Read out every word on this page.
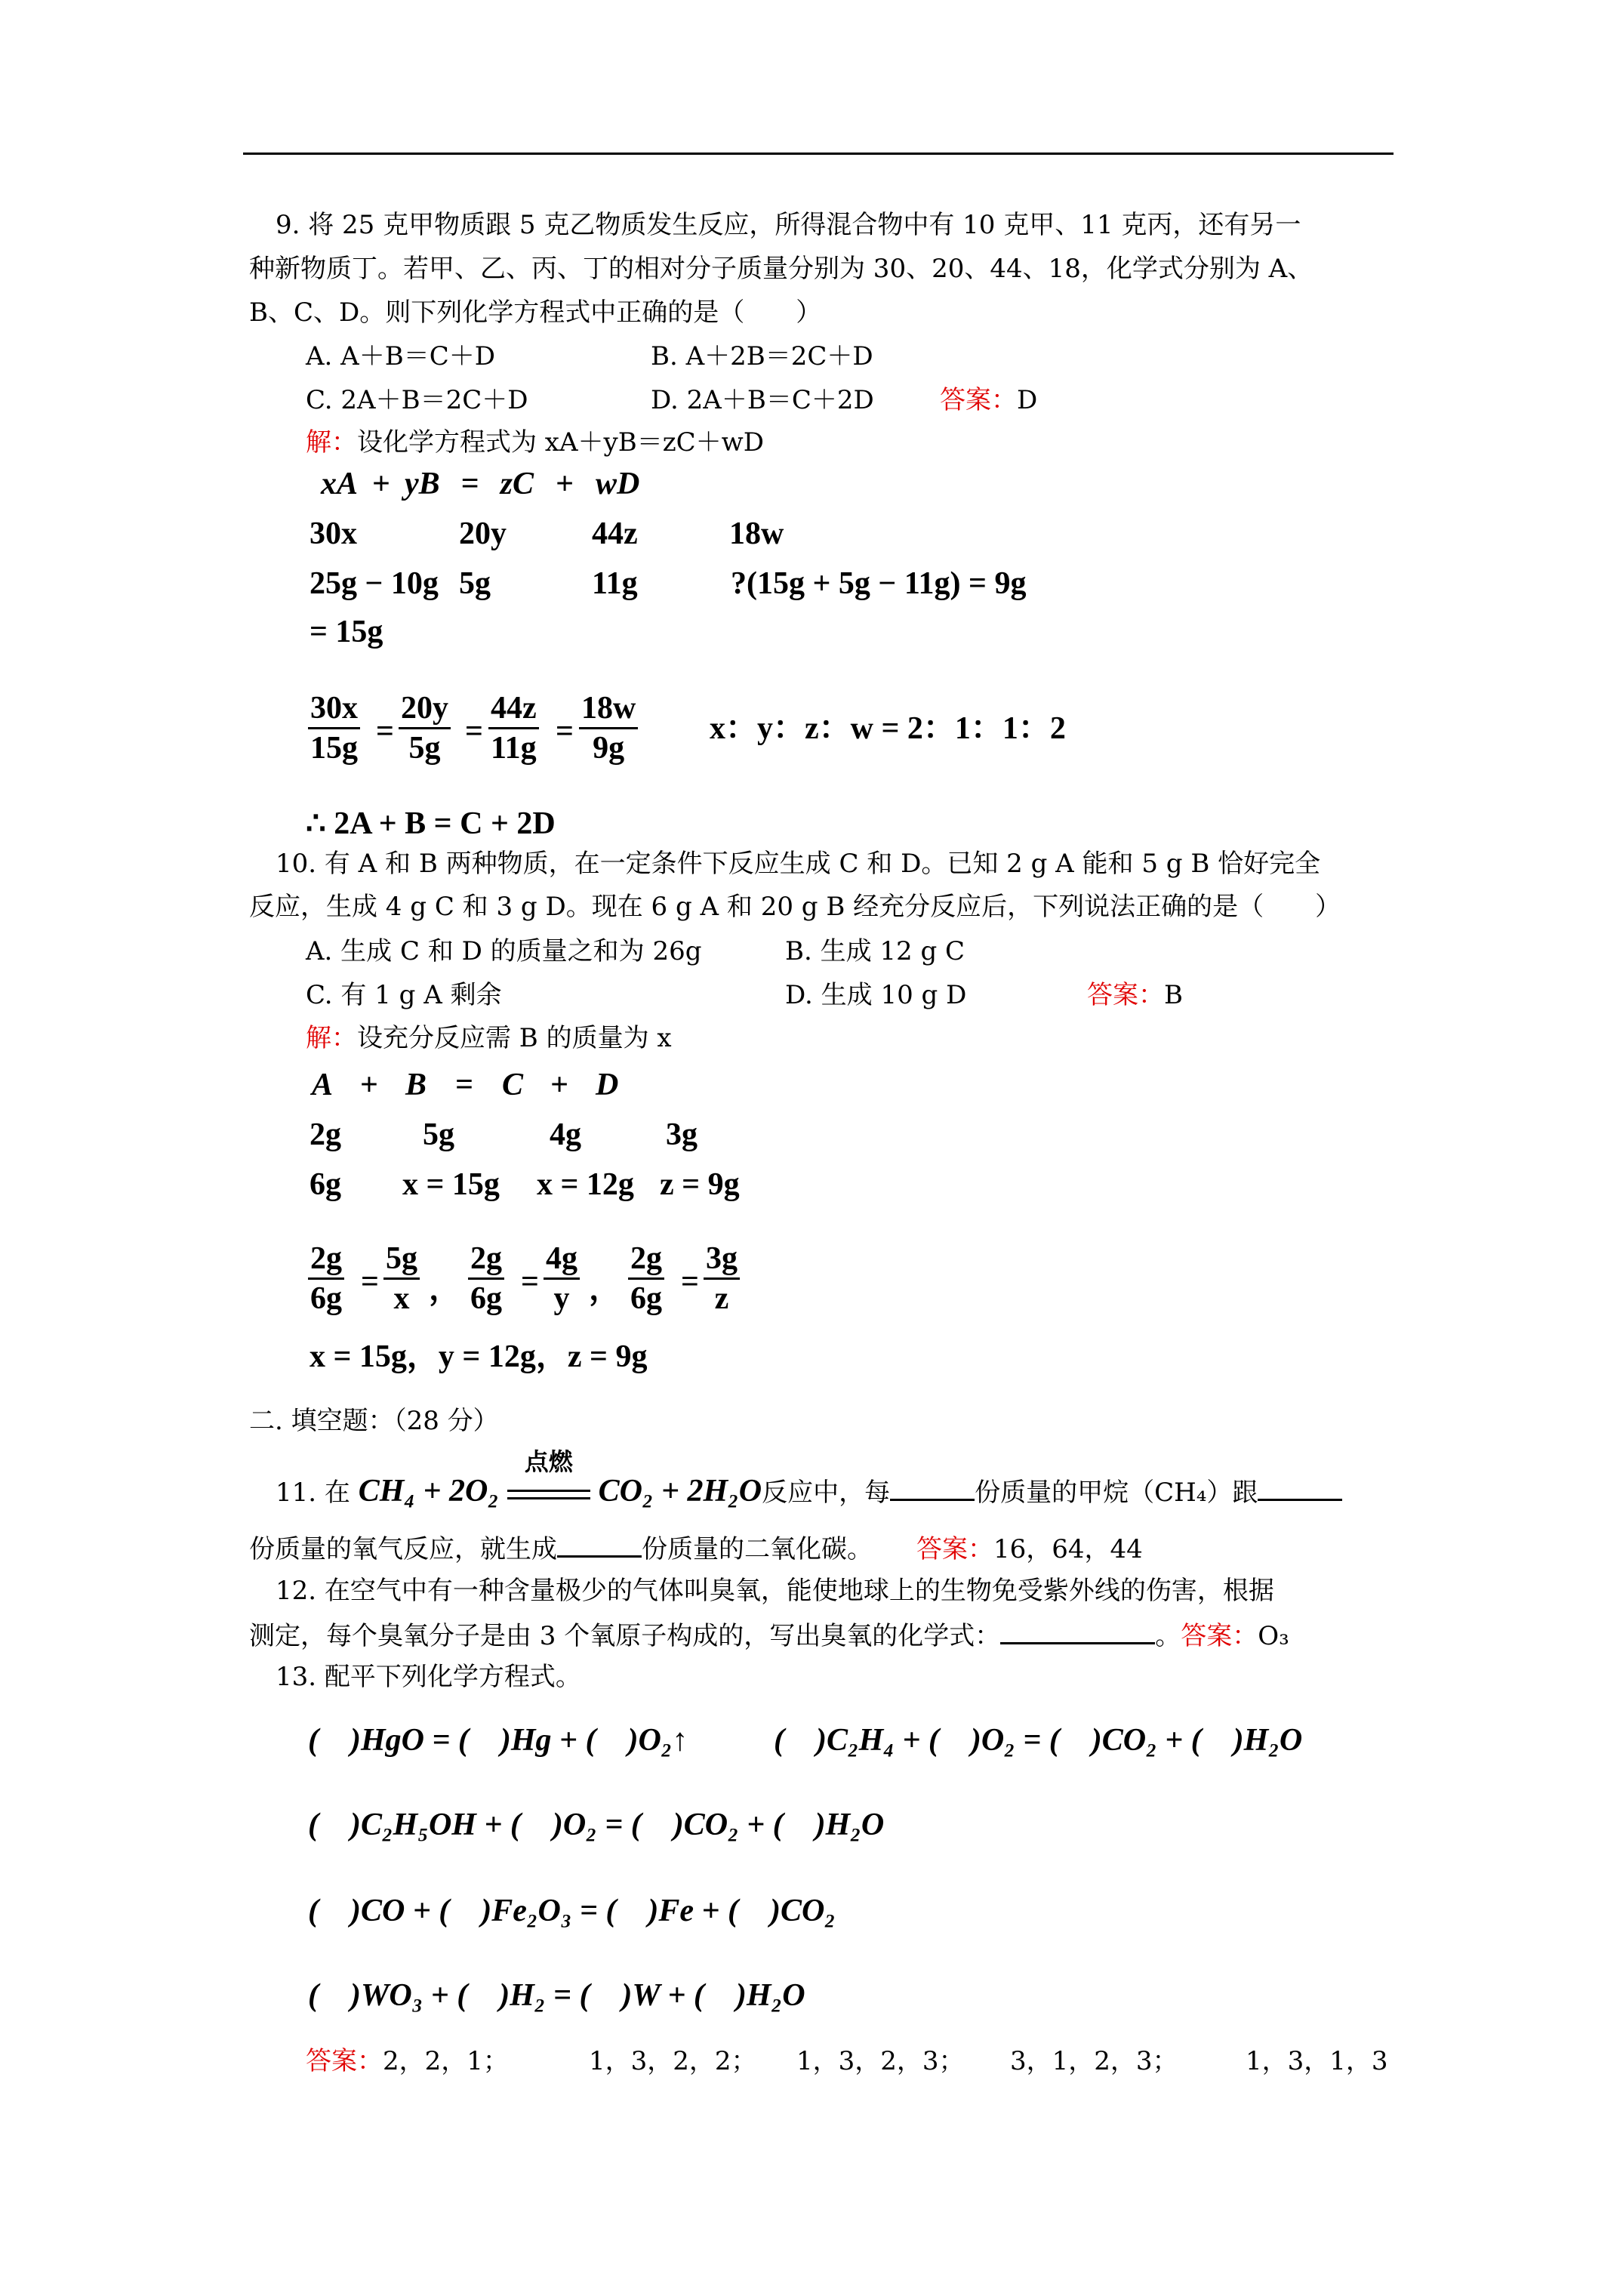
9. 将 25 克甲物质跟 5 克乙物质发生反应，所得混合物中有 10 克甲、11 克丙，还有另一
种新物质丁。若甲、乙、丙、丁的相对分子质量分别为 30、20、44、18，化学式分别为 A、
B、C、D。则下列化学方程式中正确的是（　　）
A. A＋B＝C＋D	B. A＋2B＝2C＋D
C. 2A＋B＝2C＋D	D. 2A＋B＝C＋2D	答案：D
解：设化学方程式为 xA＋yB＝zC＋wD
xA + yB = zC + wD
30x	20y	44z	18w
25g − 10g 5g	11g	?(15g + 5g − 11g) = 9g
= 15g
$\frac{30x}{15g} = \frac{20y}{5g} = \frac{44z}{11g} = \frac{18w}{9g}$ x：y：z：w = 2：1：1：2
∴ 2A + B = C + 2D
10. 有 A 和 B 两种物质，在一定条件下反应生成 C 和 D。已知 2 g A 能和 5 g B 恰好完全
反应，生成 4 g C 和 3 g D。现在 6 g A 和 20 g B 经充分反应后，下列说法正确的是（　　）
A. 生成 C 和 D 的质量之和为 26g	B. 生成 12 g C
C. 有 1 g A 剩余	D. 生成 10 g D	答案：B
解：设充分反应需 B 的质量为 x
A + B = C + D
2g	5g	4g	3g
6g x = 15g x = 12g z = 9g
$\frac{2g}{6g} = \frac{5g}{x}$ ， $\frac{2g}{6g} = \frac{4g}{y}$ ， $\frac{2g}{6g} = \frac{3g}{z}$
x = 15g，y = 12g，z = 9g
二. 填空题：（28 分）
11. 在 CH₄ + 2O₂
点燃
CO₂ + 2H₂O反应中，每	份质量的甲烷（CH₄）跟
份质量的氧气反应，就生成	份质量的二氧化碳。 答案：16，64，44
12. 在空气中有一种含量极少的气体叫臭氧，能使地球上的生物免受紫外线的伤害，根据
测定，每个臭氧分子是由 3 个氧原子构成的，写出臭氧的化学式：	。答案：O₃
13. 配平下列化学方程式。
(　)HgO = (　)Hg + (　)O₂↑	(　)C₂H₄ + (　)O₂ = (　)CO₂ + (　)H₂O
(　)C₂H₅OH + (　)O₂ = (　)CO₂ + (　)H₂O
(　)CO + (　)Fe₂O₃ = (　)Fe + (　)CO₂
(　)WO₃ + (　)H₂ = (　)W + (　)H₂O
答案：2，2，1；	1，3，2，2； 1，3，2，3； 3，1，2，3；	1，3，1，3
